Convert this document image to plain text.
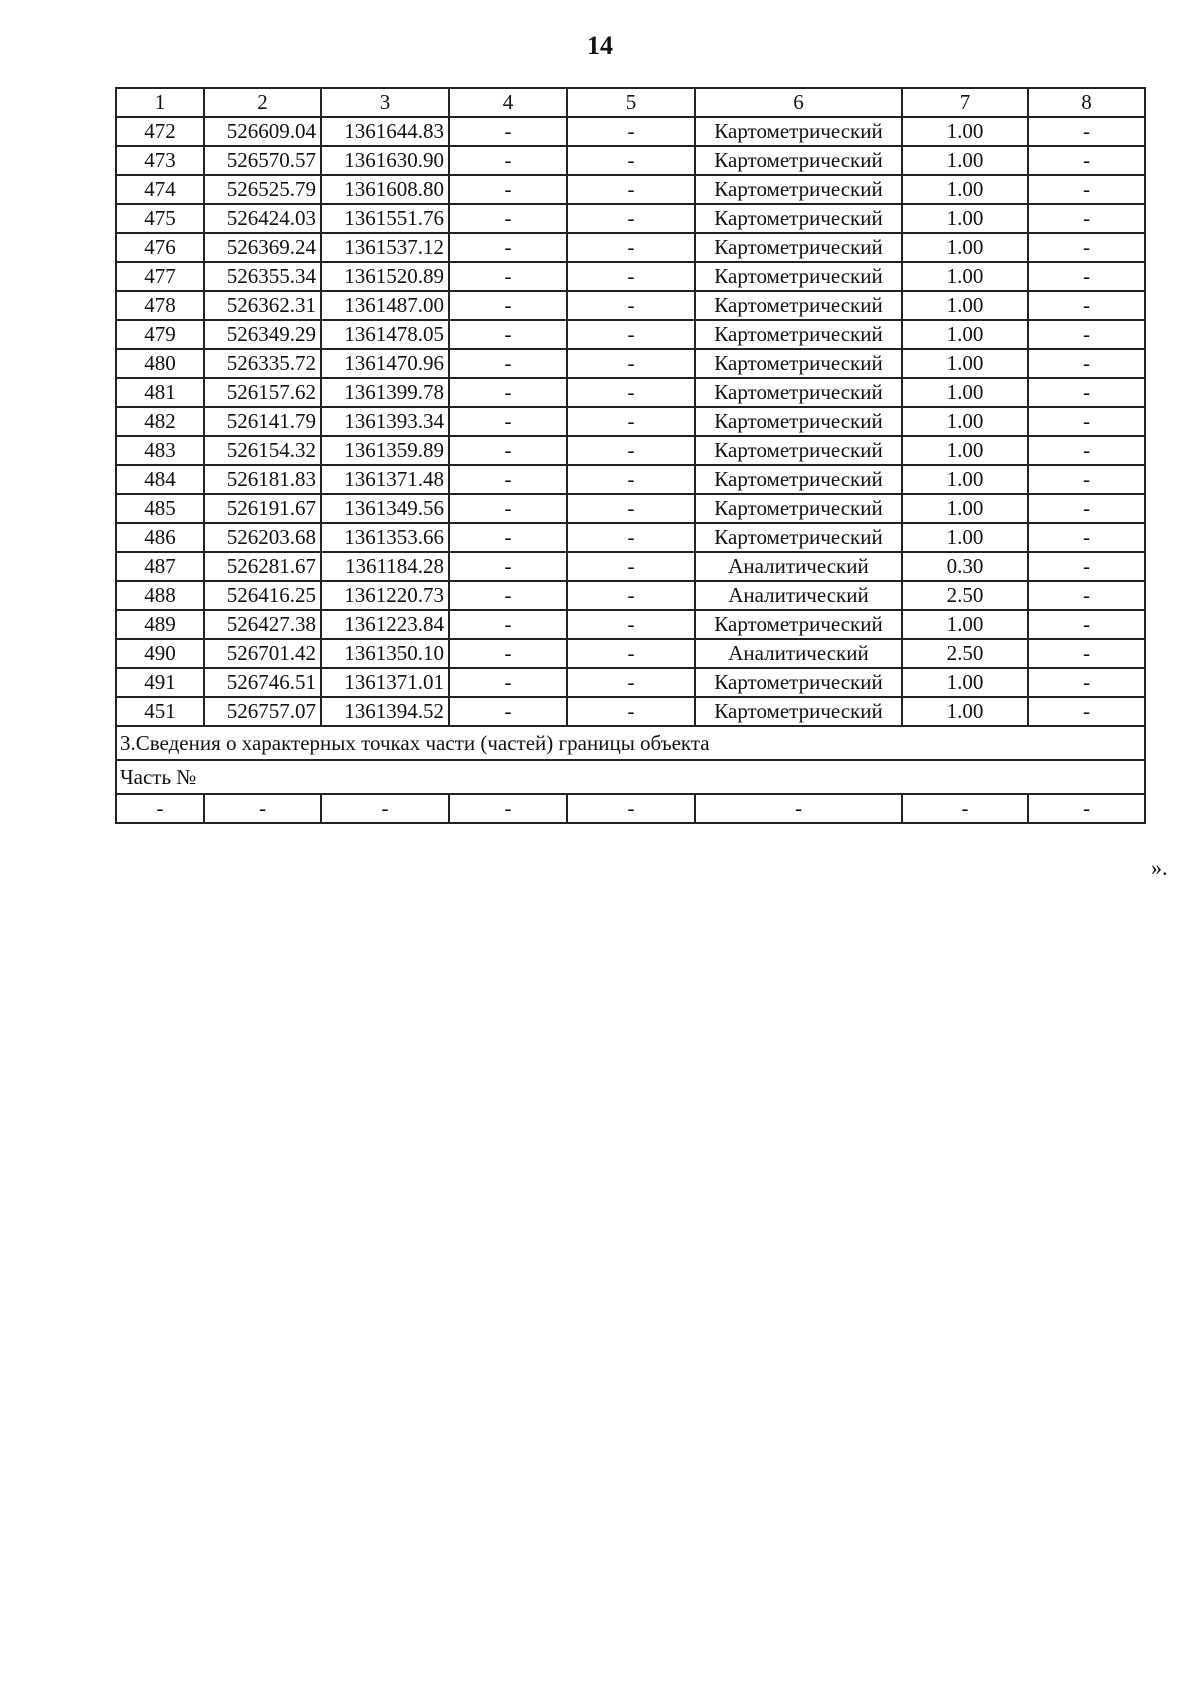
14
1	2	3	4	5	6	7	8
472	526609.04	1361644.83	-	-	Картометрический	1.00	-
473	526570.57	1361630.90	-	-	Картометрический	1.00	-
474	526525.79	1361608.80	-	-	Картометрический	1.00	-
475	526424.03	1361551.76	-	-	Картометрический	1.00	-
476	526369.24	1361537.12	-	-	Картометрический	1.00	-
477	526355.34	1361520.89	-	-	Картометрический	1.00	-
478	526362.31	1361487.00	-	-	Картометрический	1.00	-
479	526349.29	1361478.05	-	-	Картометрический	1.00	-
480	526335.72	1361470.96	-	-	Картометрический	1.00	-
481	526157.62	1361399.78	-	-	Картометрический	1.00	-
482	526141.79	1361393.34	-	-	Картометрический	1.00	-
483	526154.32	1361359.89	-	-	Картометрический	1.00	-
484	526181.83	1361371.48	-	-	Картометрический	1.00	-
485	526191.67	1361349.56	-	-	Картометрический	1.00	-
486	526203.68	1361353.66	-	-	Картометрический	1.00	-
487	526281.67	1361184.28	-	-	Аналитический	0.30	-
488	526416.25	1361220.73	-	-	Аналитический	2.50	-
489	526427.38	1361223.84	-	-	Картометрический	1.00	-
490	526701.42	1361350.10	-	-	Аналитический	2.50	-
491	526746.51	1361371.01	-	-	Картометрический	1.00	-
451	526757.07	1361394.52	-	-	Картометрический	1.00	-
3.Сведения о характерных точках части (частей) границы объекта							
Часть №							
-	-	-	-	-	-	-	-
».
